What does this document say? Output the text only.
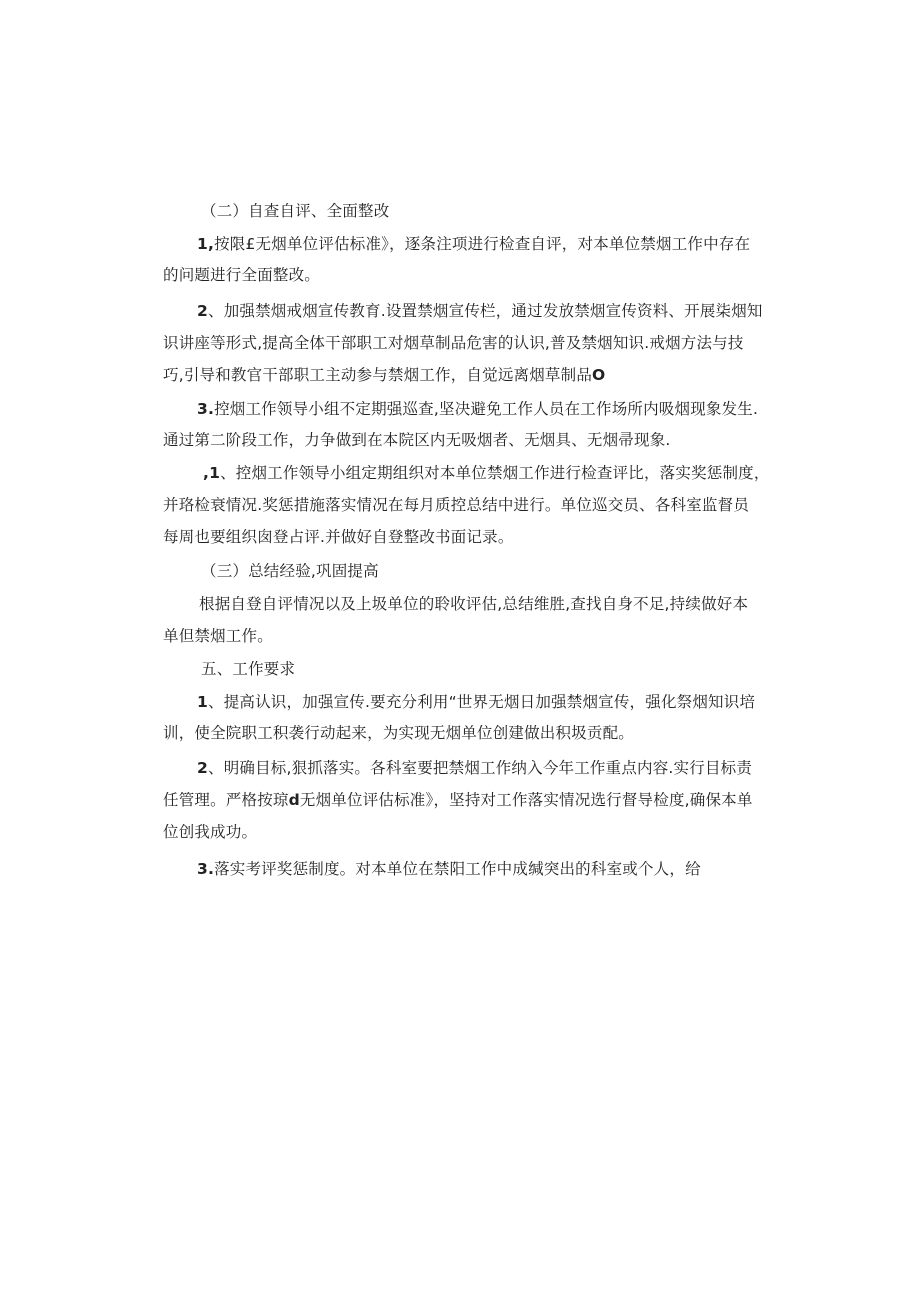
（二）自查自评、全面整改
1,按限£无烟单位评估标准》，逐条注项进行检查自评，对本单位禁烟工作中存在
的问题进行全面整改。
2、加强禁烟戒烟宣传教育.设置禁烟宣传栏，通过发放禁烟宣传资料、开展柒烟知
识讲座等形式,提高全体干部职工对烟草制品危害的认识,普及禁烟知识.戒烟方法与技
巧,引导和教官干部职工主动参与禁烟工作，自觉远离烟草制品O
3.控烟工作领导小组不定期强巡查,坚决避免工作人员在工作场所内吸烟现象发生.
通过第二阶段工作，力争做到在本院区内无吸烟者、无烟具、无烟帚现象.
,1、控烟工作领导小组定期组织对本单位禁烟工作进行检查评比，落实奖惩制度，
并珞检衰情况.奖惩措施落实情况在每月质控总结中进行。单位巡交员、各科室监督员
每周也要组织囱登占评.并做好自登整改书面记录。
（三）总结经验,巩固提高
根据自登自评情况以及上圾单位的聆收评估,总结维胜,查找自身不足,持续做好本
单但禁烟工作。
五、工作要求
1、提高认识，加强宣传.要充分利用“世界无烟日加强禁烟宣传，强化祭烟知识培
训，使全院职工积袭行动起来，为实现无烟单位创建做出积圾贡配。
2、明确目标,狠抓落实。各科室要把禁烟工作纳入今年工作重点内容.实行目标责
任管理。严格按琼d无烟单位评估标准》，坚持对工作落实情况选行督导检度,确保本单
位创我成功。
3.落实考评奖惩制度。对本单位在禁阳工作中成缄突出的科室或个人，给
